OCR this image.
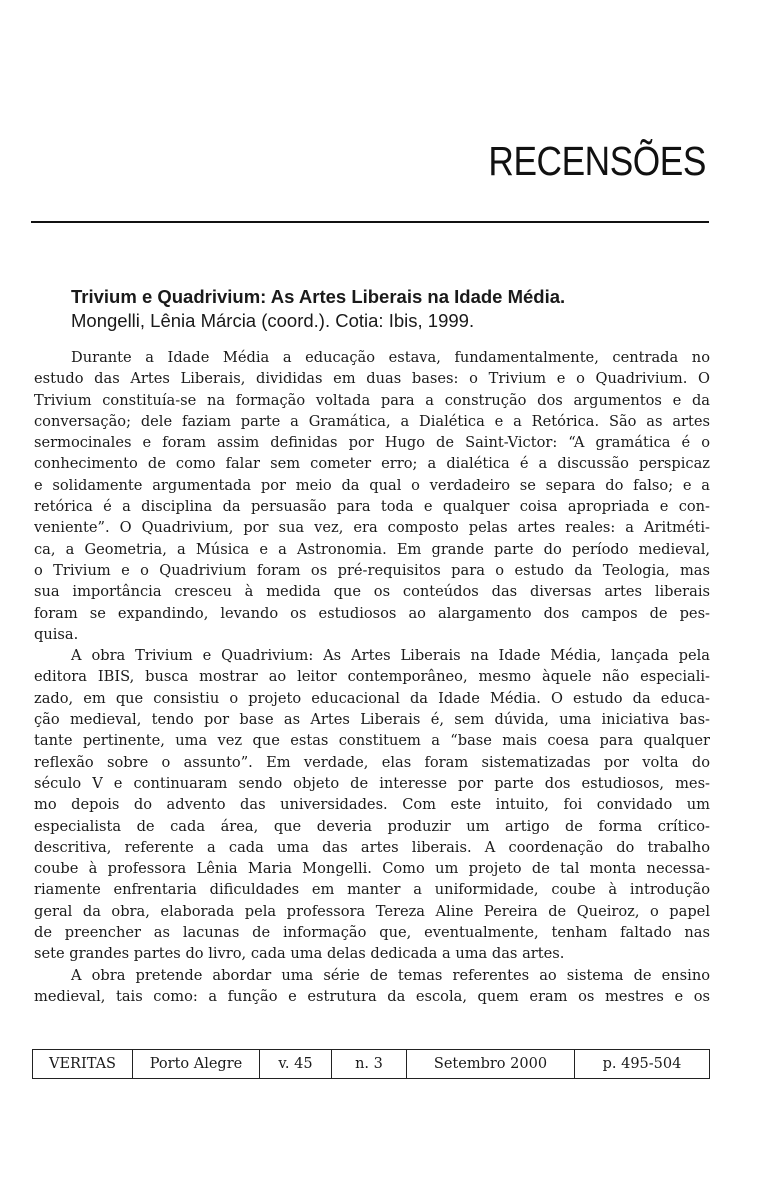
RECENSÕES
Trivium e Quadrivium: As Artes Liberais na Idade Média.
Mongelli, Lênia Márcia (coord.). Cotia: Ibis, 1999.
Durante a Idade Média a educação estava, fundamentalmente, centrada no
estudo das Artes Liberais, divididas em duas bases: o Trivium e o Quadrivium. O
Trivium constituía-se na formação voltada para a construção dos argumentos e da
conversação; dele faziam parte a Gramática, a Dialética e a Retórica. São as artes
sermocinales e foram assim definidas por Hugo de Saint-Victor: “A gramática é o
conhecimento de como falar sem cometer erro; a dialética é a discussão perspicaz
e solidamente argumentada por meio da qual o verdadeiro se separa do falso; e a
retórica é a disciplina da persuasão para toda e qualquer coisa apropriada e con-
veniente”. O Quadrivium, por sua vez, era composto pelas artes reales: a Aritméti-
ca, a Geometria, a Música e a Astronomia. Em grande parte do período medieval,
o Trivium e o Quadrivium foram os pré-requisitos para o estudo da Teologia, mas
sua importância cresceu à medida que os conteúdos das diversas artes liberais
foram se expandindo, levando os estudiosos ao alargamento dos campos de pes-
quisa.
A obra Trivium e Quadrivium: As Artes Liberais na Idade Média, lançada pela
editora IBIS, busca mostrar ao leitor contemporâneo, mesmo àquele não especiali-
zado, em que consistiu o projeto educacional da Idade Média. O estudo da educa-
ção medieval, tendo por base as Artes Liberais é, sem dúvida, uma iniciativa bas-
tante pertinente, uma vez que estas constituem a “base mais coesa para qualquer
reflexão sobre o assunto”. Em verdade, elas foram sistematizadas por volta do
século V e continuaram sendo objeto de interesse por parte dos estudiosos, mes-
mo depois do advento das universidades. Com este intuito, foi convidado um
especialista de cada área, que deveria produzir um artigo de forma crítico-
descritiva, referente a cada uma das artes liberais. A coordenação do trabalho
coube à professora Lênia Maria Mongelli. Como um projeto de tal monta necessa-
riamente enfrentaria dificuldades em manter a uniformidade, coube à introdução
geral da obra, elaborada pela professora Tereza Aline Pereira de Queiroz, o papel
de preencher as lacunas de informação que, eventualmente, tenham faltado nas
sete grandes partes do livro, cada uma delas dedicada a uma das artes.
A obra pretende abordar uma série de temas referentes ao sistema de ensino
medieval, tais como: a função e estrutura da escola, quem eram os mestres e os
VERITAS	Porto Alegre	v. 45	n. 3	Setembro 2000	p. 495-504
